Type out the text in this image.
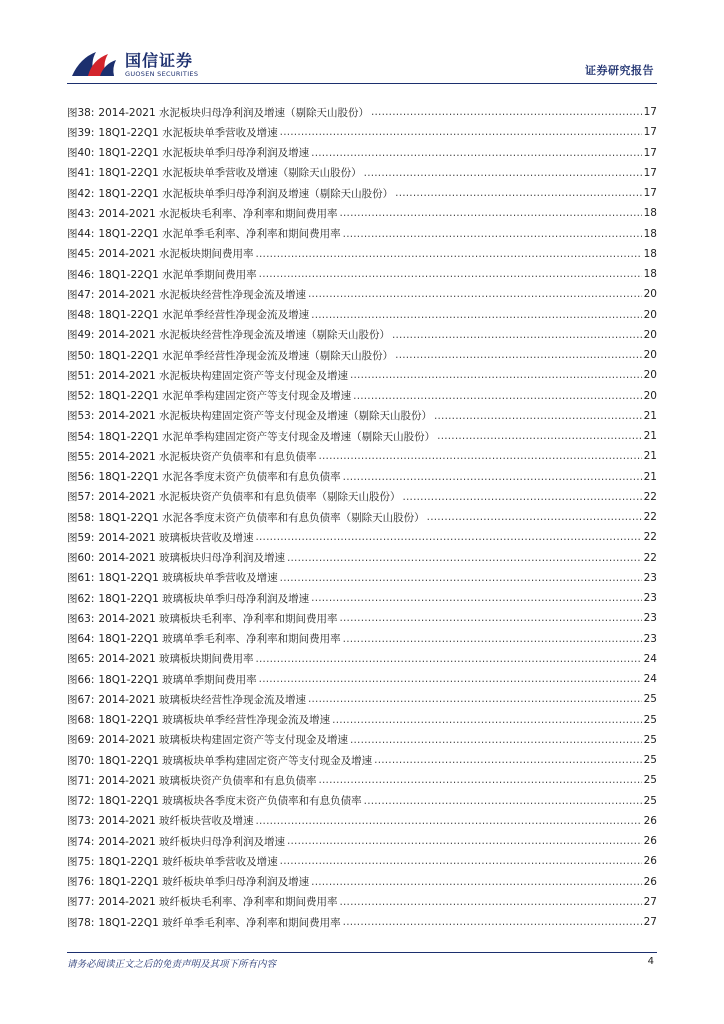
国信证券
GUOSEN SECURITIES	证券研究报告
图38: 2014-2021 水泥板块归母净利润及增速（剔除天山股份） .....	17
图39: 18Q1-22Q1 水泥板块单季营收及增速 .....	17
图40: 18Q1-22Q1 水泥板块单季归母净利润及增速 .....	17
图41: 18Q1-22Q1 水泥板块单季营收及增速（剔除天山股份） .....	17
图42: 18Q1-22Q1 水泥板块单季归母净利润及增速（剔除天山股份） .....	17
图43: 2014-2021 水泥板块毛利率、净利率和期间费用率 .....	18
图44: 18Q1-22Q1 水泥单季毛利率、净利率和期间费用率 .....	18
图45: 2014-2021 水泥板块期间费用率 .....	18
图46: 18Q1-22Q1 水泥单季期间费用率 .....	18
图47: 2014-2021 水泥板块经营性净现金流及增速 .....	20
图48: 18Q1-22Q1 水泥单季经营性净现金流及增速 .....	20
图49: 2014-2021 水泥板块经营性净现金流及增速（剔除天山股份） .....	20
图50: 18Q1-22Q1 水泥单季经营性净现金流及增速（剔除天山股份） .....	20
图51: 2014-2021 水泥板块构建固定资产等支付现金及增速 .....	20
图52: 18Q1-22Q1 水泥单季构建固定资产等支付现金及增速 .....	20
图53: 2014-2021 水泥板块构建固定资产等支付现金及增速（剔除天山股份） .....	21
图54: 18Q1-22Q1 水泥单季构建固定资产等支付现金及增速（剔除天山股份） .....	21
图55: 2014-2021 水泥板块资产负债率和有息负债率 .....	21
图56: 18Q1-22Q1 水泥各季度末资产负债率和有息负债率 .....	21
图57: 2014-2021 水泥板块资产负债率和有息负债率（剔除天山股份） .....	22
图58: 18Q1-22Q1 水泥各季度末资产负债率和有息负债率（剔除天山股份） .....	22
图59: 2014-2021 玻璃板块营收及增速 .....	22
图60: 2014-2021 玻璃板块归母净利润及增速 .....	22
图61: 18Q1-22Q1 玻璃板块单季营收及增速 .....	23
图62: 18Q1-22Q1 玻璃板块单季归母净利润及增速 .....	23
图63: 2014-2021 玻璃板块毛利率、净利率和期间费用率 .....	23
图64: 18Q1-22Q1 玻璃单季毛利率、净利率和期间费用率 .....	23
图65: 2014-2021 玻璃板块期间费用率 .....	24
图66: 18Q1-22Q1 玻璃单季期间费用率 .....	24
图67: 2014-2021 玻璃板块经营性净现金流及增速 .....	25
图68: 18Q1-22Q1 玻璃板块单季经营性净现金流及增速 .....	25
图69: 2014-2021 玻璃板块构建固定资产等支付现金及增速 .....	25
图70: 18Q1-22Q1 玻璃板块单季构建固定资产等支付现金及增速 .....	25
图71: 2014-2021 玻璃板块资产负债率和有息负债率 .....	25
图72: 18Q1-22Q1 玻璃板块各季度末资产负债率和有息负债率 .....	25
图73: 2014-2021 玻纤板块营收及增速 .....	26
图74: 2014-2021 玻纤板块归母净利润及增速 .....	26
图75: 18Q1-22Q1 玻纤板块单季营收及增速 .....	26
图76: 18Q1-22Q1 玻纤板块单季归母净利润及增速 .....	26
图77: 2014-2021 玻纤板块毛利率、净利率和期间费用率 .....	27
图78: 18Q1-22Q1 玻纤单季毛利率、净利率和期间费用率 .....	27
请务必阅读正文之后的免责声明及其项下所有内容	4
